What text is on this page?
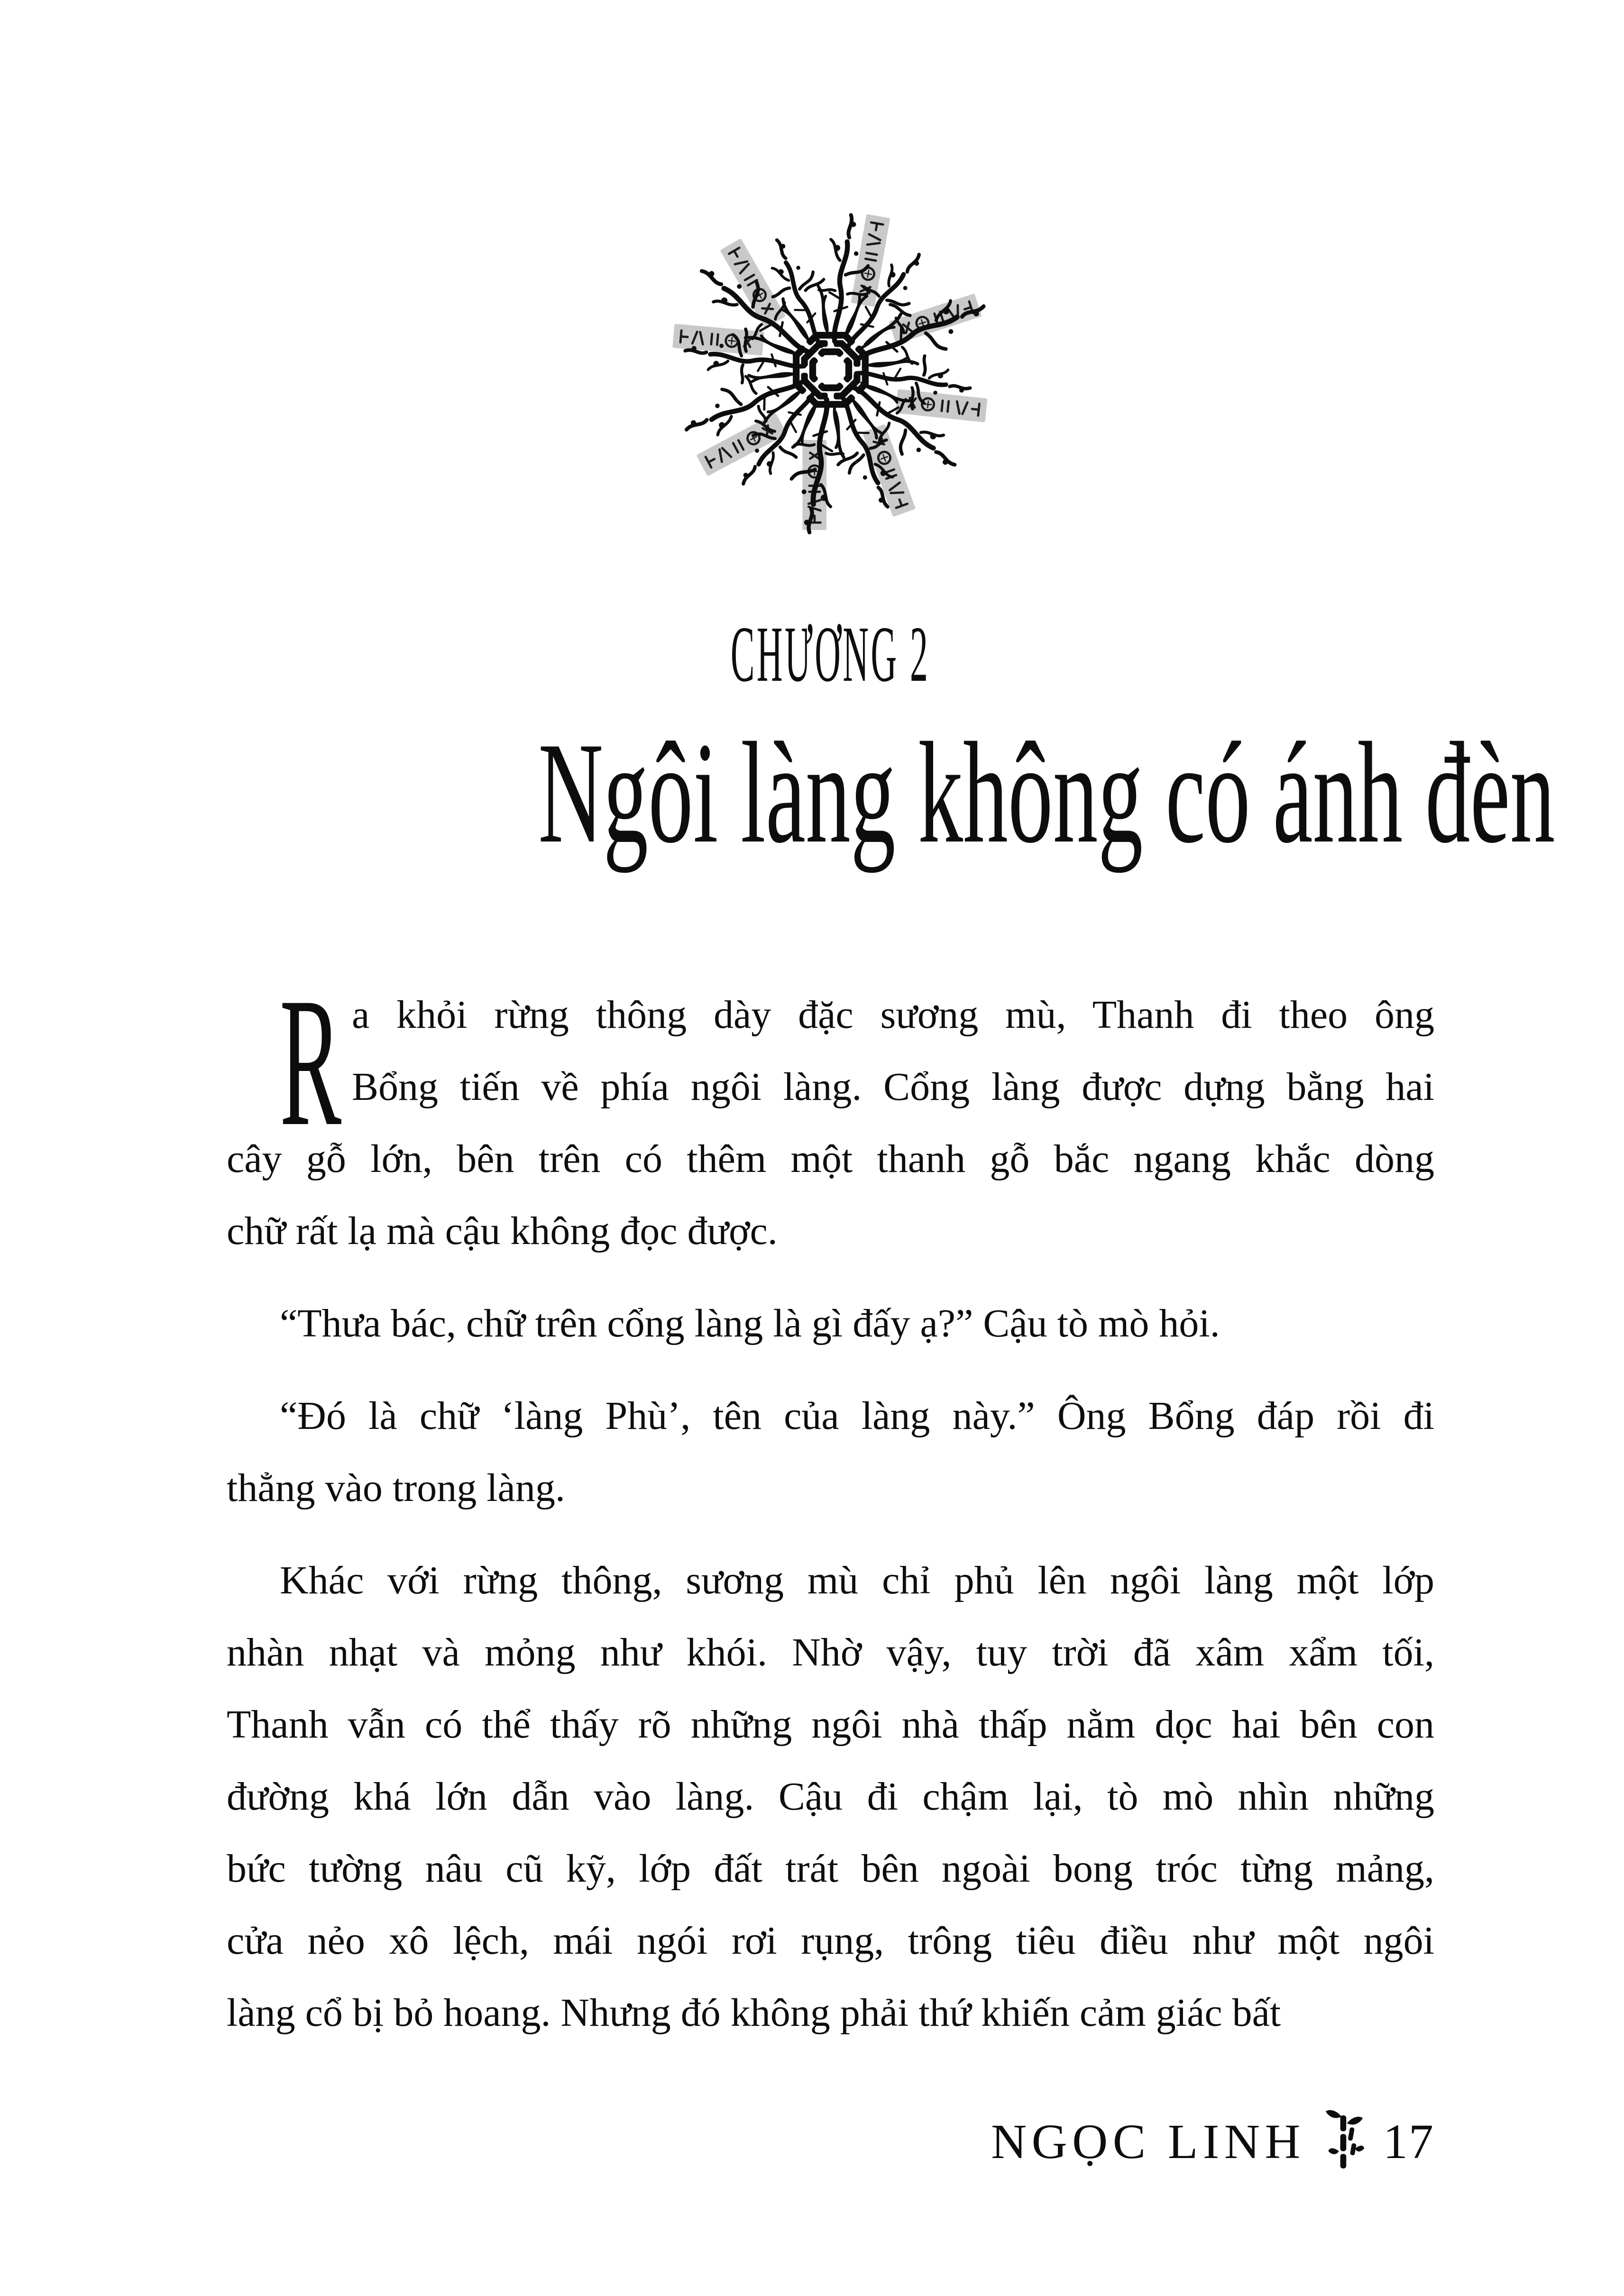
CHƯƠNG 2
Ngôi làng không có ánh đèn
R a khỏi rừng thông dày đặc sương mù, Thanh đi theo ông
Bổng tiến về phía ngôi làng. Cổng làng được dựng bằng hai
cây gỗ lớn, bên trên có thêm một thanh gỗ bắc ngang khắc dòng
chữ rất lạ mà cậu không đọc được.
“Thưa bác, chữ trên cổng làng là gì đấy ạ?” Cậu tò mò hỏi.
“Đó là chữ ‘làng Phù’, tên của làng này.” Ông Bổng đáp rồi đi
thẳng vào trong làng.
Khác với rừng thông, sương mù chỉ phủ lên ngôi làng một lớp
nhàn nhạt và mỏng như khói. Nhờ vậy, tuy trời đã xâm xẩm tối,
Thanh vẫn có thể thấy rõ những ngôi nhà thấp nằm dọc hai bên con
đường khá lớn dẫn vào làng. Cậu đi chậm lại, tò mò nhìn những
bức tường nâu cũ kỹ, lớp đất trát bên ngoài bong tróc từng mảng,
cửa nẻo xô lệch, mái ngói rơi rụng, trông tiêu điều như một ngôi
làng cổ bị bỏ hoang. Nhưng đó không phải thứ khiến cảm giác bất
NGỌC LINH 17
